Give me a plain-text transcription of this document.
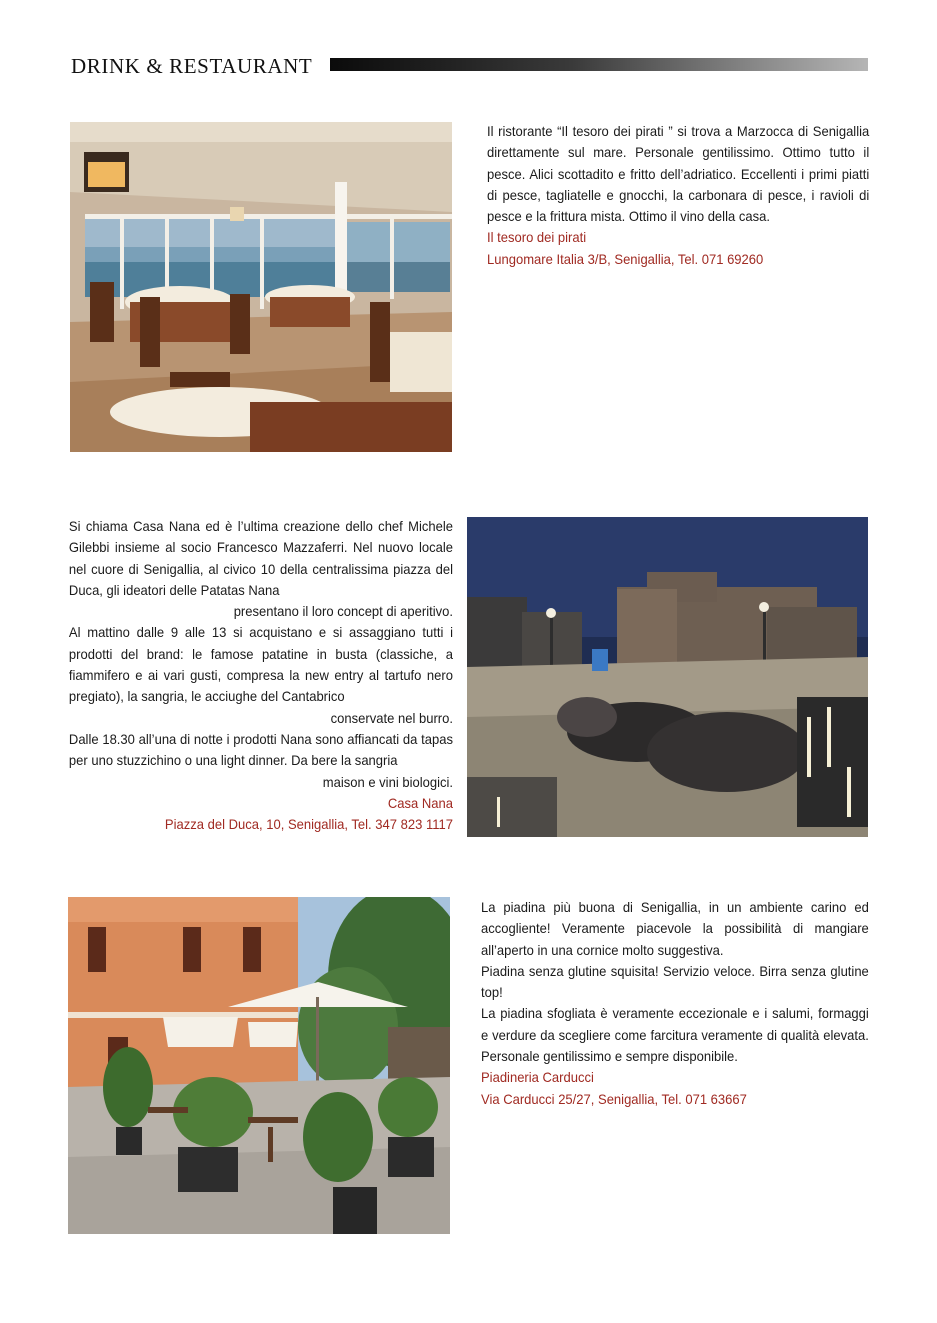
DRINK & RESTAURANT

Il ristorante “Il tesoro dei pirati ” si trova a Marzocca di Senigallia direttamente sul mare. Personale gentilissimo. Ottimo tutto il pesce. Alici scottadito e fritto dell’adriatico. Eccellenti i primi piatti di pesce, tagliatelle e gnocchi, la carbonara di pesce, i ravioli di pesce e la frittura mista. Ottimo il vino della casa.

Il tesoro dei pirati
Lungomare Italia 3/B, Senigallia, Tel. 071 69260

Si chiama Casa Nana ed è l’ultima creazione dello chef Michele Gilebbi insieme al socio Francesco Mazzaferri. Nel nuovo locale nel cuore di Senigallia, al civico 10 della centralissima piazza del Duca, gli ideatori delle Patatas Nana

presentano il loro concept di aperitivo.

Al mattino dalle 9 alle 13 si acquistano e si assaggiano tutti i prodotti del brand: le famose patatine in busta (classiche, a fiammifero e ai vari gusti, compresa la new entry al tartufo nero pregiato), la sangria, le acciughe del Cantabrico

conservate nel burro.

Dalle 18.30 all’una di notte i prodotti Nana sono affiancati da tapas per uno stuzzichino o una light dinner. Da bere la sangria

maison e vini biologici.

Casa Nana
Piazza del Duca, 10, Senigallia, Tel. 347 823 1117

La piadina più buona di Senigallia, in un ambiente carino ed accogliente! Veramente piacevole la possibilità di mangiare all’aperto in una cornice molto suggestiva.

Piadina senza glutine squisita! Servizio veloce. Birra senza glutine top!

La piadina sfogliata è veramente eccezionale e i salumi, formaggi e verdure da scegliere come farcitura veramente di qualità elevata. Personale gentilissimo e sempre disponibile.

Piadineria Carducci
Via Carducci 25/27, Senigallia, Tel. 071 63667
